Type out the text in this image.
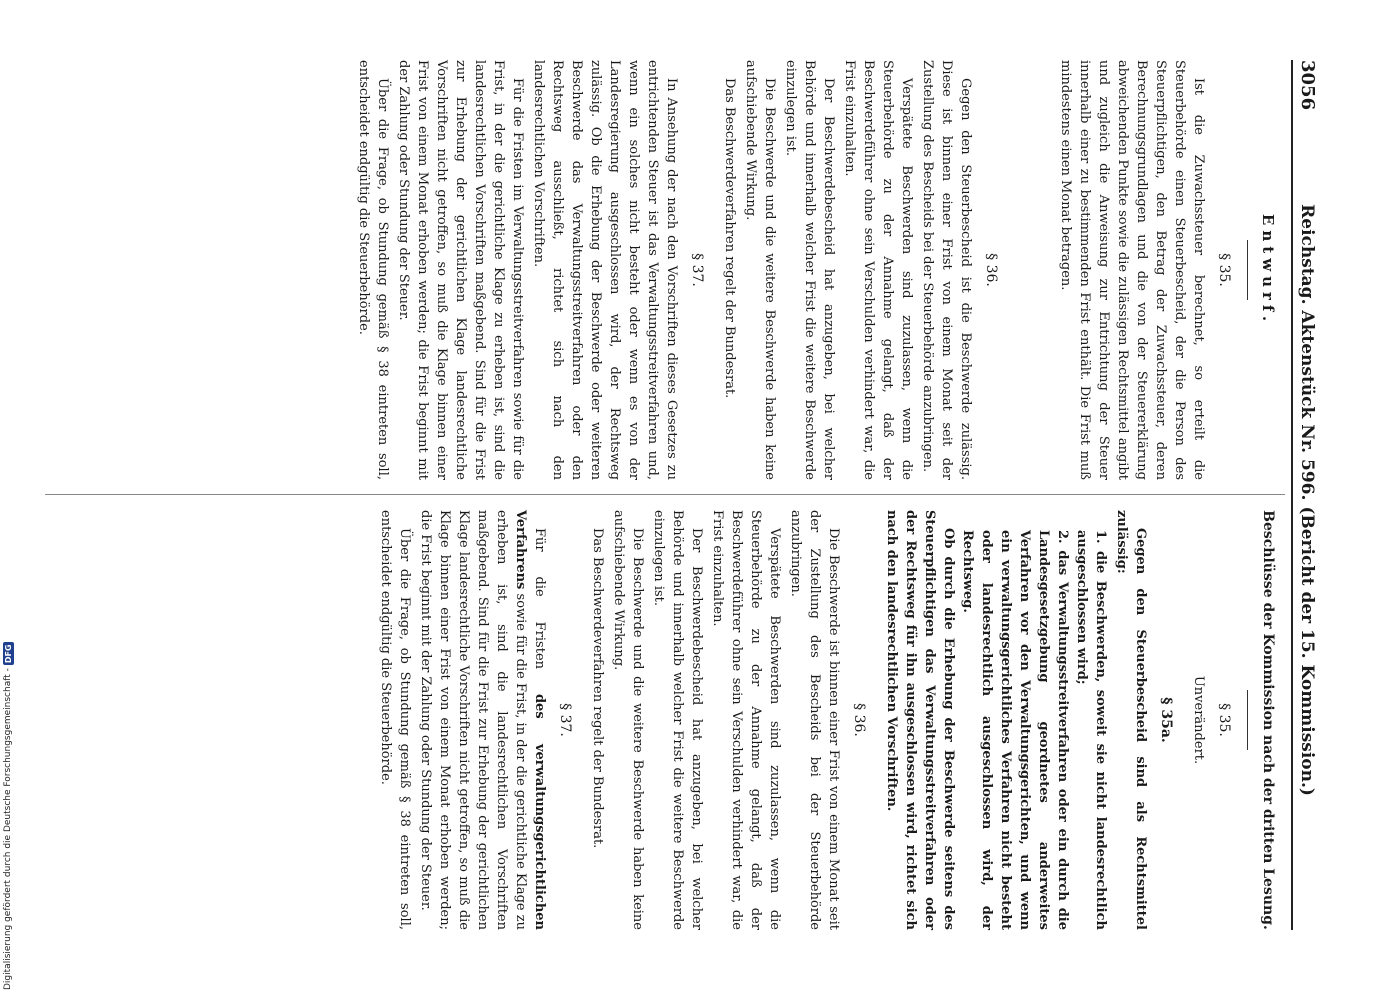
Digitalisierung gefördert durch die Deutsche Forschungsgemeinschaft -
DFG
3056
Reichstag. Aktenstück Nr. 596. (Bericht der 15. Kommission.)
Entwurf.
§ 35.

Ist die Zuwachssteuer berechnet, so erteilt die Steuerbehörde einen Steuerbescheid, der die Person des Steuerpflichtigen, den Betrag der Zuwachssteuer, deren Berechnungsgrundlagen und die von der Steuererklärung abweichenden Punkte sowie die zulässigen Rechtsmittel angibt und zugleich die Anweisung zur Entrichtung der Steuer innerhalb einer zu bestimmenden Frist enthält. Die Frist muß mindestens einen Monat betragen.

§ 36.

Gegen den Steuerbescheid ist die Beschwerde zulässig. Diese ist binnen einer Frist von einem Monat seit der Zustellung des Bescheids bei der Steuerbehörde anzubringen.

Verspätete Beschwerden sind zuzulassen, wenn die Steuerbehörde zu der Annahme gelangt, daß der Beschwerdeführer ohne sein Verschulden verhindert war, die Frist einzuhalten.

Der Beschwerdebescheid hat anzugeben, bei welcher Behörde und innerhalb welcher Frist die weitere Beschwerde einzulegen ist.

Die Beschwerde und die weitere Beschwerde haben keine aufschiebende Wirkung.

Das Beschwerdeverfahren regelt der Bundesrat.

§ 37.

In Ansehung der nach den Vorschriften dieses Gesetzes zu entrichtenden Steuer ist das Verwaltungsstreitverfahren und, wenn ein solches nicht besteht oder wenn es von der Landesregierung ausgeschlossen wird, der Rechtsweg zulässig. Ob die Erhebung der Beschwerde oder weiteren Beschwerde das Verwaltungsstreitverfahren oder den Rechtsweg ausschließt, richtet sich nach den landesrechtlichen Vorschriften.

Für die Fristen im Verwaltungsstreitverfahren sowie für die Frist, in der die gerichtliche Klage zu erheben ist, sind die landesrechtlichen Vorschriften maßgebend. Sind für die Frist zur Erhebung der gerichtlichen Klage landesrechtliche Vorschriften nicht getroffen, so muß die Klage binnen einer Frist von einem Monat erhoben werden; die Frist beginnt mit der Zahlung oder Stundung der Steuer.

Über die Frage, ob Stundung gemäß § 38 eintreten soll, entscheidet endgültig die Steuerbehörde.

Beschlüsse der Kommission nach der dritten Lesung.
§ 35.

Unverändert.

§ 35a.

Gegen den Steuerbescheid sind als Rechtsmittel zulässig:

1. die Beschwerden, soweit sie nicht landesrechtlich ausgeschlossen wird;
2. das Verwaltungsstreitverfahren oder ein durch die Landesgesetzgebung geordnetes anderweites Verfahren vor den Verwaltungsgerichten, und wenn ein verwaltungsgerichtliches Verfahren nicht besteht oder landesrechtlich ausgeschlossen wird, der Rechtsweg.

Ob durch die Erhebung der Beschwerde seitens des Steuerpflichtigen das Verwaltungsstreitverfahren oder der Rechtsweg für ihn ausgeschlossen wird, richtet sich nach den landesrechtlichen Vorschriften.

§ 36.

Die Beschwerde ist binnen einer Frist von einem Monat seit der Zustellung des Bescheids bei der Steuerbehörde anzubringen.

Verspätete Beschwerden sind zuzulassen, wenn die Steuerbehörde zu der Annahme gelangt, daß der Beschwerdeführer ohne sein Verschulden verhindert war, die Frist einzuhalten.

Der Beschwerdebescheid hat anzugeben, bei welcher Behörde und innerhalb welcher Frist die weitere Beschwerde einzulegen ist.

Die Beschwerde und die weitere Beschwerde haben keine aufschiebende Wirkung.

Das Beschwerdeverfahren regelt der Bundesrat.

§ 37.

Für die Fristen des verwaltungsgerichtlichen Verfahrens sowie für die Frist, in der die gerichtliche Klage zu erheben ist, sind die landesrechtlichen Vorschriften maßgebend. Sind für die Frist zur Erhebung der gerichtlichen Klage landesrechtliche Vorschriften nicht getroffen, so muß die Klage binnen einer Frist von einem Monat erhoben werden; die Frist beginnt mit der Zahlung oder Stundung der Steuer.

Über die Frage, ob Stundung gemäß § 38 eintreten soll, entscheidet endgültig die Steuerbehörde.
